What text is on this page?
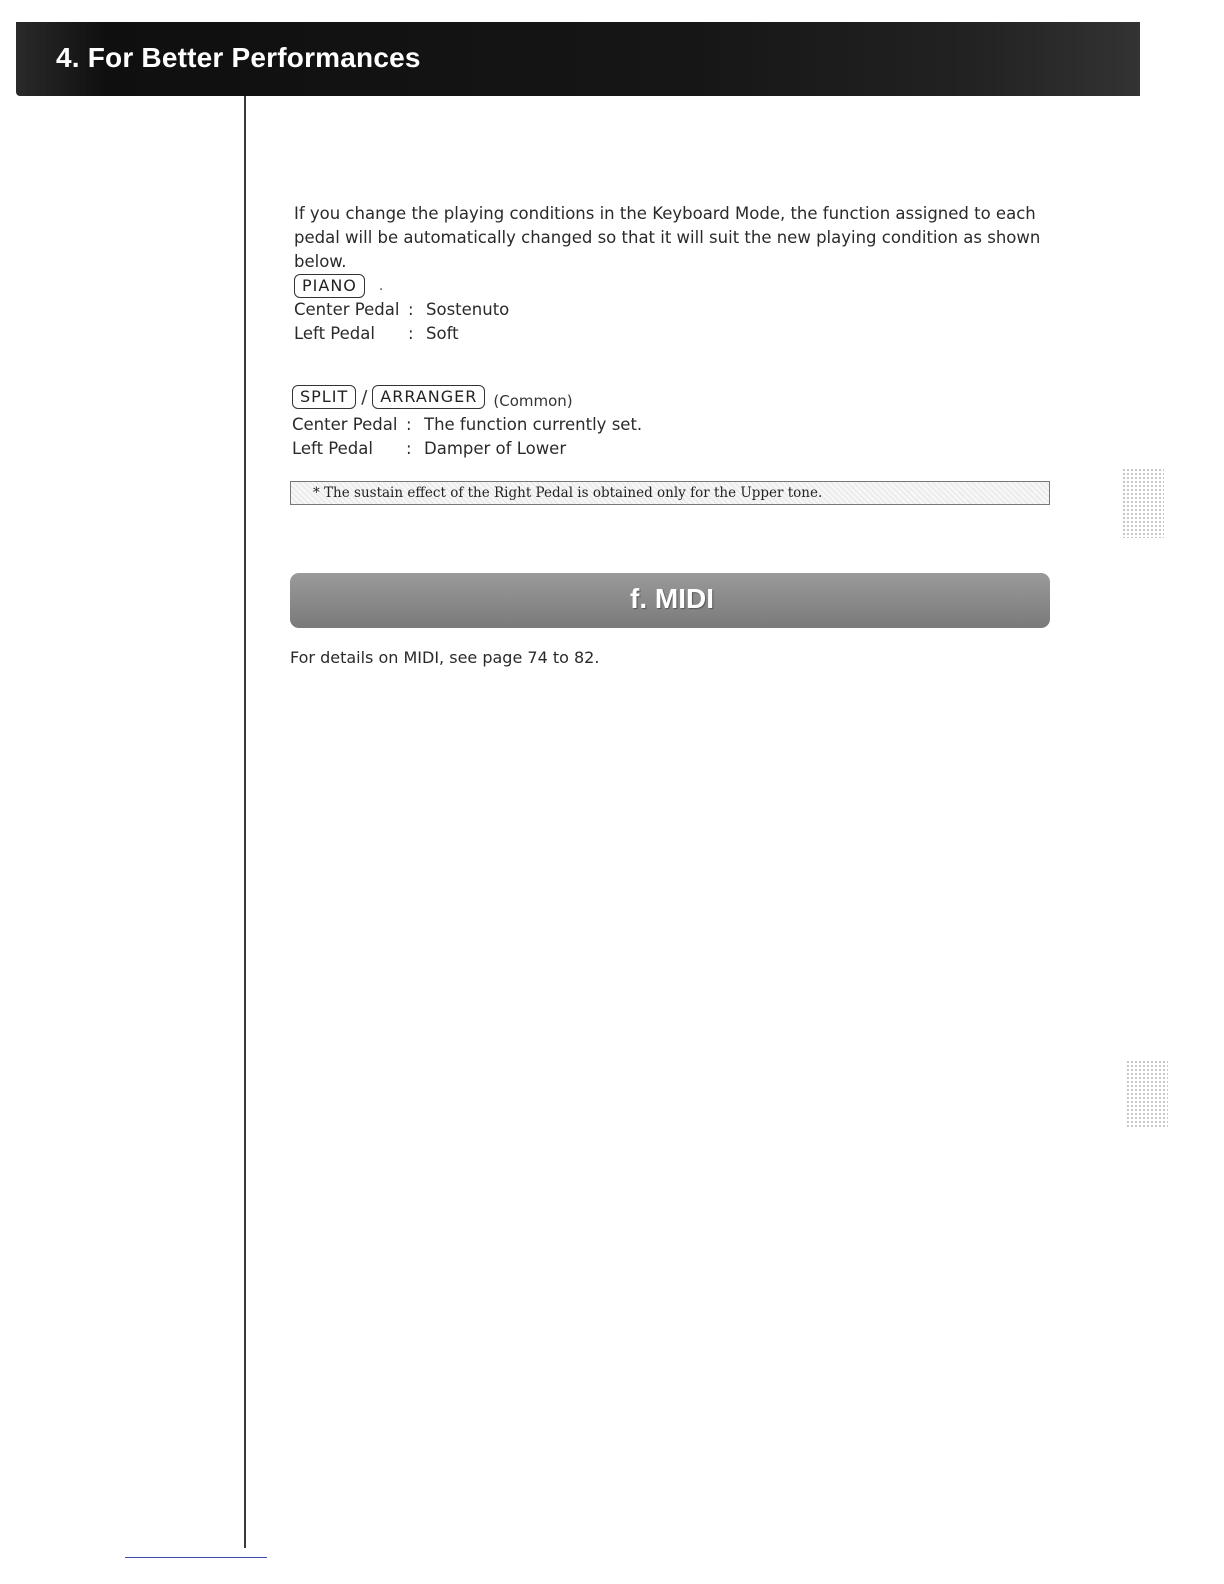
4. For Better Performances
If you change the playing conditions in the Keyboard Mode, the function assigned to each pedal will be automatically changed so that it will suit the new playing condition as shown below.
PIANO	.
Center Pedal : Sostenuto
Left Pedal	: Soft
SPLIT / ARRANGER	(Common)
Center Pedal : The function currently set.
Left Pedal	: Damper of Lower
* The sustain effect of the Right Pedal is obtained only for the Upper tone.
f. MIDI
For details on MIDI, see page 74 to 82.
